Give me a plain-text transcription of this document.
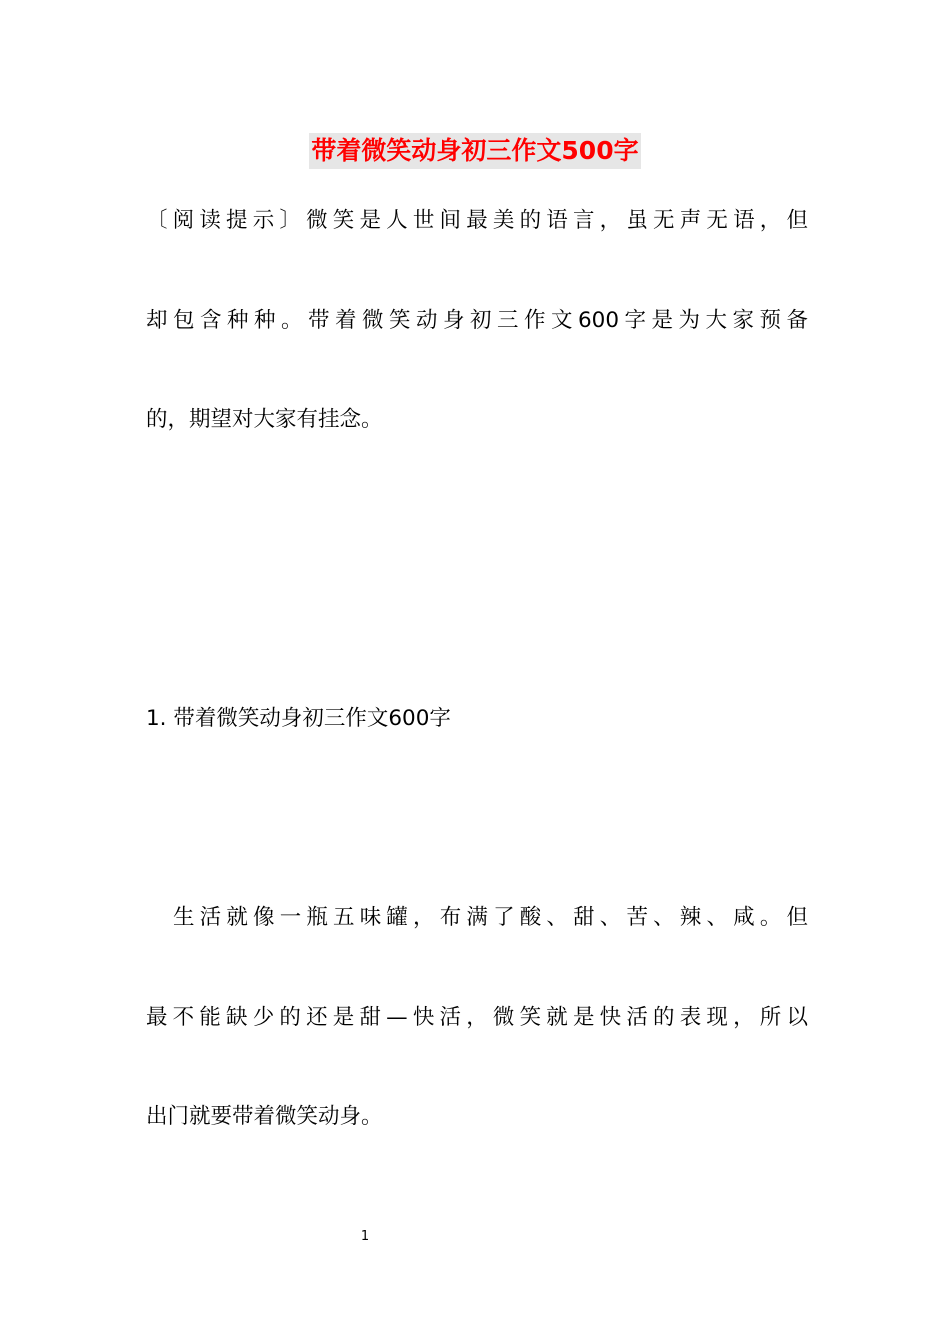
带着微笑动身初三作文500字
〔阅读提示〕微笑是人世间最美的语言，虽无声无语，但
却包含种种。带着微笑动身初三作文600字是为大家预备
的，期望对大家有挂念。
1. 带着微笑动身初三作文600字
生活就像一瓶五味罐，布满了酸、甜、苦、辣、咸。但
最不能缺少的还是甜—快活，微笑就是快活的表现，所以
出门就要带着微笑动身。
1
